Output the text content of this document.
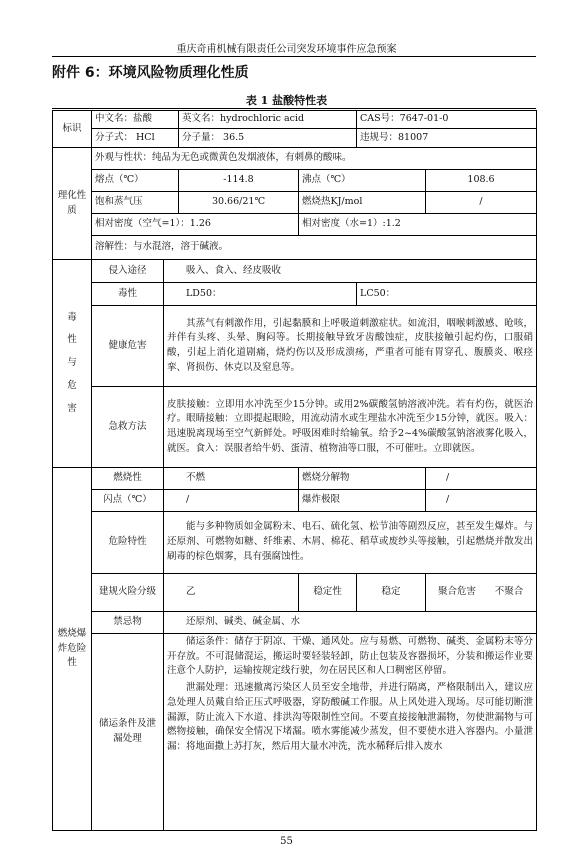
重庆奇甫机械有限责任公司突发环境事件应急预案
附件 6：环境风险物质理化性质
表 1 盐酸特性表
标识	中文名：盐酸		英文名：hydrochloric acid		CAS号：7647-01-0	
	分子式： HCl		分子量： 36.5		违规号：81007	
理化性质	外观与性状：纯品为无色或微黄色发烟液体，有刺鼻的酸味。					
	熔点（℃）		-114.8	沸点（℃）		108.6
	饱和蒸气压		30.66/21℃	燃烧热KJ/mol		/
	相对密度（空气=1）：1.26			相对密度（水=1）:1.2		
	溶解性：与水混溶，溶于碱液。					

毒性与危害	侵入途径	吸入、食入、经皮吸收				
	毒性	LD50：			LC50：	
	健康危害	其蒸气有刺激作用，引起黏膜和上呼吸道刺激症状。如流泪，咽喉刺激感、呛咳，并伴有头疼、头晕、胸闷等。长期接触导致牙齿酸蚀症，皮肤接触引起灼伤，口服硝酸，引起上消化道剧痛，烧灼伤以及形成溃疡，严重者可能有胃穿孔、腹膜炎、喉痉挛、肾损伤、休克以及窒息等。				
	急救方法	皮肤接触：立即用水冲洗至少15分钟。或用2%碳酸氢钠溶液冲洗。若有灼伤，就医治疗。眼睛接触：立即提起眼睑，用流动清水或生理盐水冲洗至少15分钟，就医。吸入：迅速脱离现场至空气新鲜处。呼吸困难时给输氧。给予2~4%碳酸氢钠溶液雾化吸入，就医。食入：误服者给牛奶、蛋清、植物油等口服，不可催吐。立即就医。				
燃烧爆炸危险性	燃烧性	不燃		燃烧分解物		/
	闪点（℃）	/		爆炸极限		/
	危险特性	能与多种物质如金属粉末、电石、硫化氢、松节油等剧烈反应，甚至发生爆炸。与还原剂、可燃物如糖、纤维素、木屑、棉花、稻草或废纱头等接触，引起燃烧并散发出刷毒的棕色烟雾，具有强腐蚀性。				
	建规火险分级	乙		稳定性	稳定	聚合危害 不聚合
	禁忌物	还原剂、碱类、碱金属、水				
	储运条件及泄漏处理	储运条件：储存于阴凉、干燥、通风处。应与易燃、可燃物、碱类、金属粉末等分开存放。不可混储混运，搬运时要轻装轻卸，防止包装及容器损坏，分装和搬运作业要注意个人防护，运输按规定线行驶，勿在居民区和人口稠密区停留。
泄漏处理：迅速撤离污染区人员至安全地带，并进行隔离，严格限制出入，建议应急处理人员戴自给正压式呼吸器，穿防酸碱工作服。从上风处进入现场。尽可能切断泄漏源，防止流入下水道、排洪沟等限制性空间。不要直接接触泄漏物，勿使泄漏物与可燃物接触，确保安全情况下堵漏。喷水雾能减少蒸发，但不要使水进入容器内。小量泄漏：将地面撒上苏打灰，然后用大量水冲洗，洗水稀释后排入废水				
55
